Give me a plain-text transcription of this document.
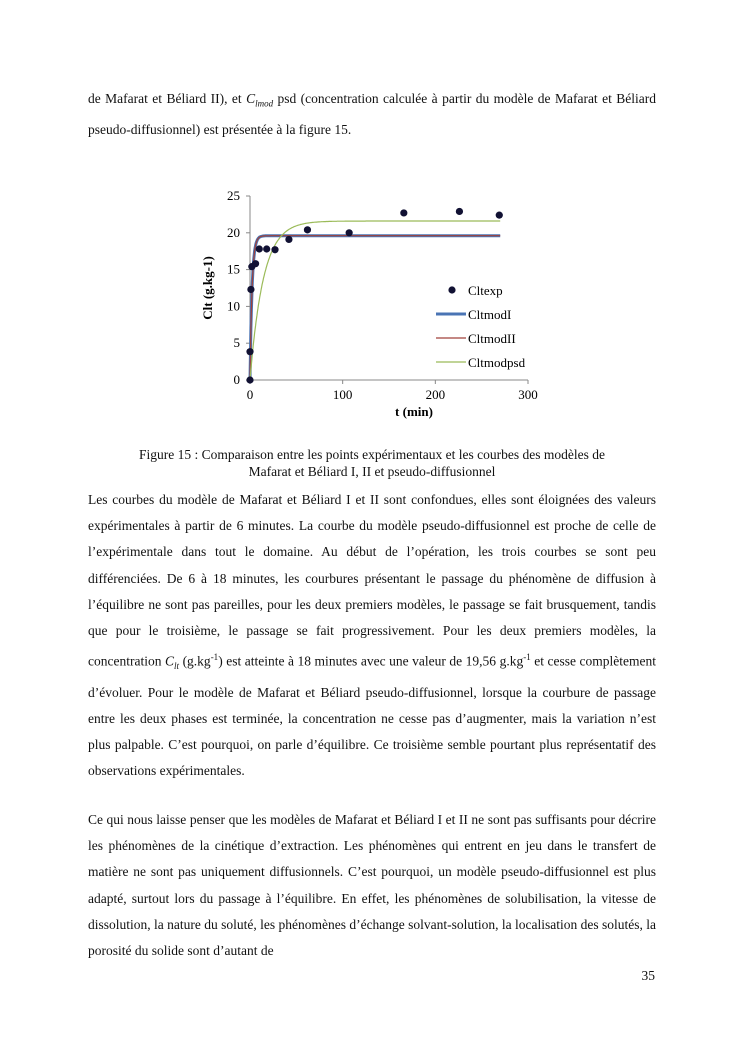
de Mafarat et Béliard II), et $C_{lmod}$ psd (concentration calculée à partir du modèle de Mafarat et Béliard pseudo-diffusionnel) est présentée à la figure 15.
0	100	200	300
0
5
10
15
20
25
t (min)
Clt (g.kg-1)	Cltexp
CltmodI
CltmodII
Cltmodpsd
Figure 15 : Comparaison entre les points expérimentaux et les courbes des modèles de
Mafarat et Béliard I, II et pseudo-diffusionnel
Les courbes du modèle de Mafarat et Béliard I et II sont confondues, elles sont éloignées des valeurs expérimentales à partir de 6 minutes. La courbe du modèle pseudo-diffusionnel est proche de celle de l’expérimentale dans tout le domaine. Au début de l’opération, les trois courbes se sont peu différenciées. De 6 à 18 minutes, les courbures présentant le passage du phénomène de diffusion à l’équilibre ne sont pas pareilles, pour les deux premiers modèles, le passage se fait brusquement, tandis que pour le troisième, le passage se fait progressivement. Pour les deux premiers modèles, la concentration $C_{lt}$ $(g.kg^{-1})$ est atteinte à 18 minutes avec une valeur de 19,56 $g.kg^{-1}$ et cesse complètement d’évoluer. Pour le modèle de Mafarat et Béliard pseudo-diffusionnel, lorsque la courbure de passage entre les deux phases est terminée, la concentration ne cesse pas d’augmenter, mais la variation n’est plus palpable. C’est pourquoi, on parle d’équilibre. Ce troisième semble pourtant plus représentatif des observations expérimentales.
Ce qui nous laisse penser que les modèles de Mafarat et Béliard I et II ne sont pas suffisants pour décrire les phénomènes de la cinétique d’extraction. Les phénomènes qui entrent en jeu dans le transfert de matière ne sont pas uniquement diffusionnels. C’est pourquoi, un modèle pseudo-diffusionnel est plus adapté, surtout lors du passage à l’équilibre. En effet, les phénomènes de solubilisation, la vitesse de dissolution, la nature du soluté, les phénomènes d’échange solvant-solution, la localisation des solutés, la porosité du solide sont d’autant de
35
